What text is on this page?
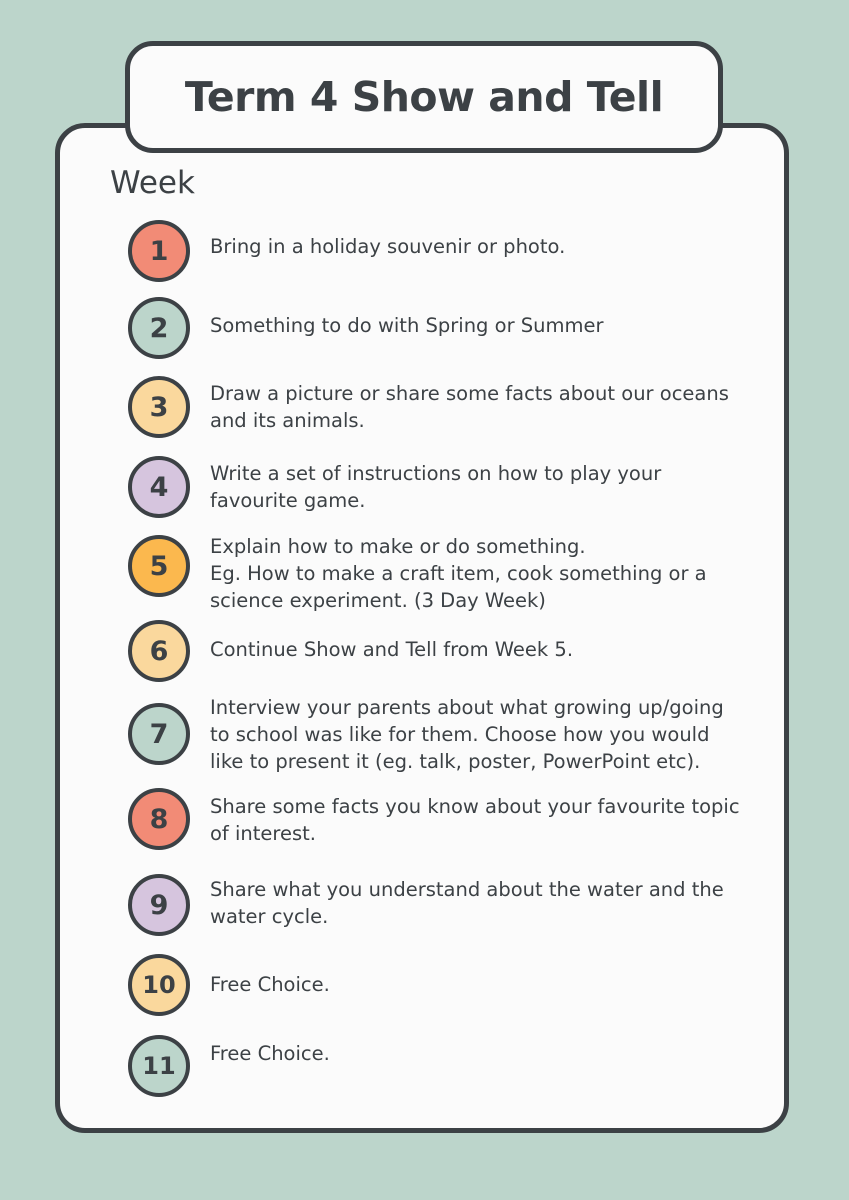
Term 4 Show and Tell
Week
1	Bring in a holiday souvenir or photo.
2	Something to do with Spring or Summer
3	Draw a picture or share some facts about our oceans
and its animals.
4	Write a set of instructions on how to play your
favourite game.
5
Explain how to make or do something.
Eg. How to make a craft item, cook something or a
science experiment. (3 Day Week)
6	Continue Show and Tell from Week 5.
7
Interview your parents about what growing up/going
to school was like for them. Choose how you would
like to present it (eg. talk, poster, PowerPoint etc).
8	Share some facts you know about your favourite topic
of interest.
9	Share what you understand about the water and the
water cycle.
10	Free Choice.
11	Free Choice.
